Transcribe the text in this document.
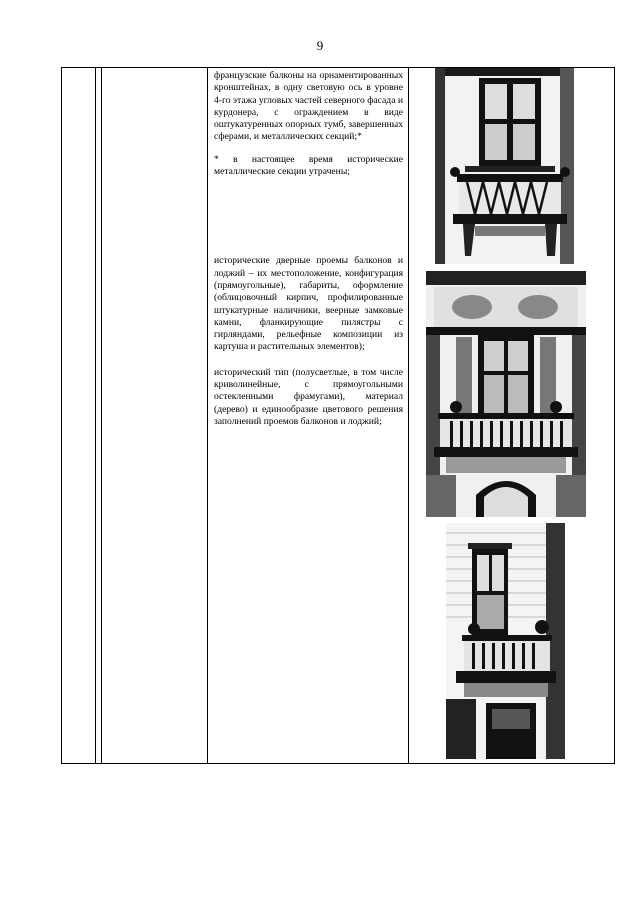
9

французские балконы на орнаментированных кронштейнах, в одну световую ось в уровне 4-го этажа угловых частей северного фасада и курдонера, с ограждением в виде оштукатуренных опорных тумб, завершенных сферами, и металлических секций;*

* в настоящее время исторические металлические секции утрачены;

исторические дверные проемы балконов и лоджий – их местоположение, конфигурация (прямоугольные), габариты, оформление (облицовочный кирпич, профилированные штукатурные наличники, веерные замковые камни, фланкирующие пилястры с гирляндами, рельефные композиции из картуша и растительных элементов);

исторический тип (полусветлые, в том числе криволинейные, с прямоугольными остекленными фрамугами), материал (дерево) и единообразие цветового решения заполнений проемов балконов и лоджий;
